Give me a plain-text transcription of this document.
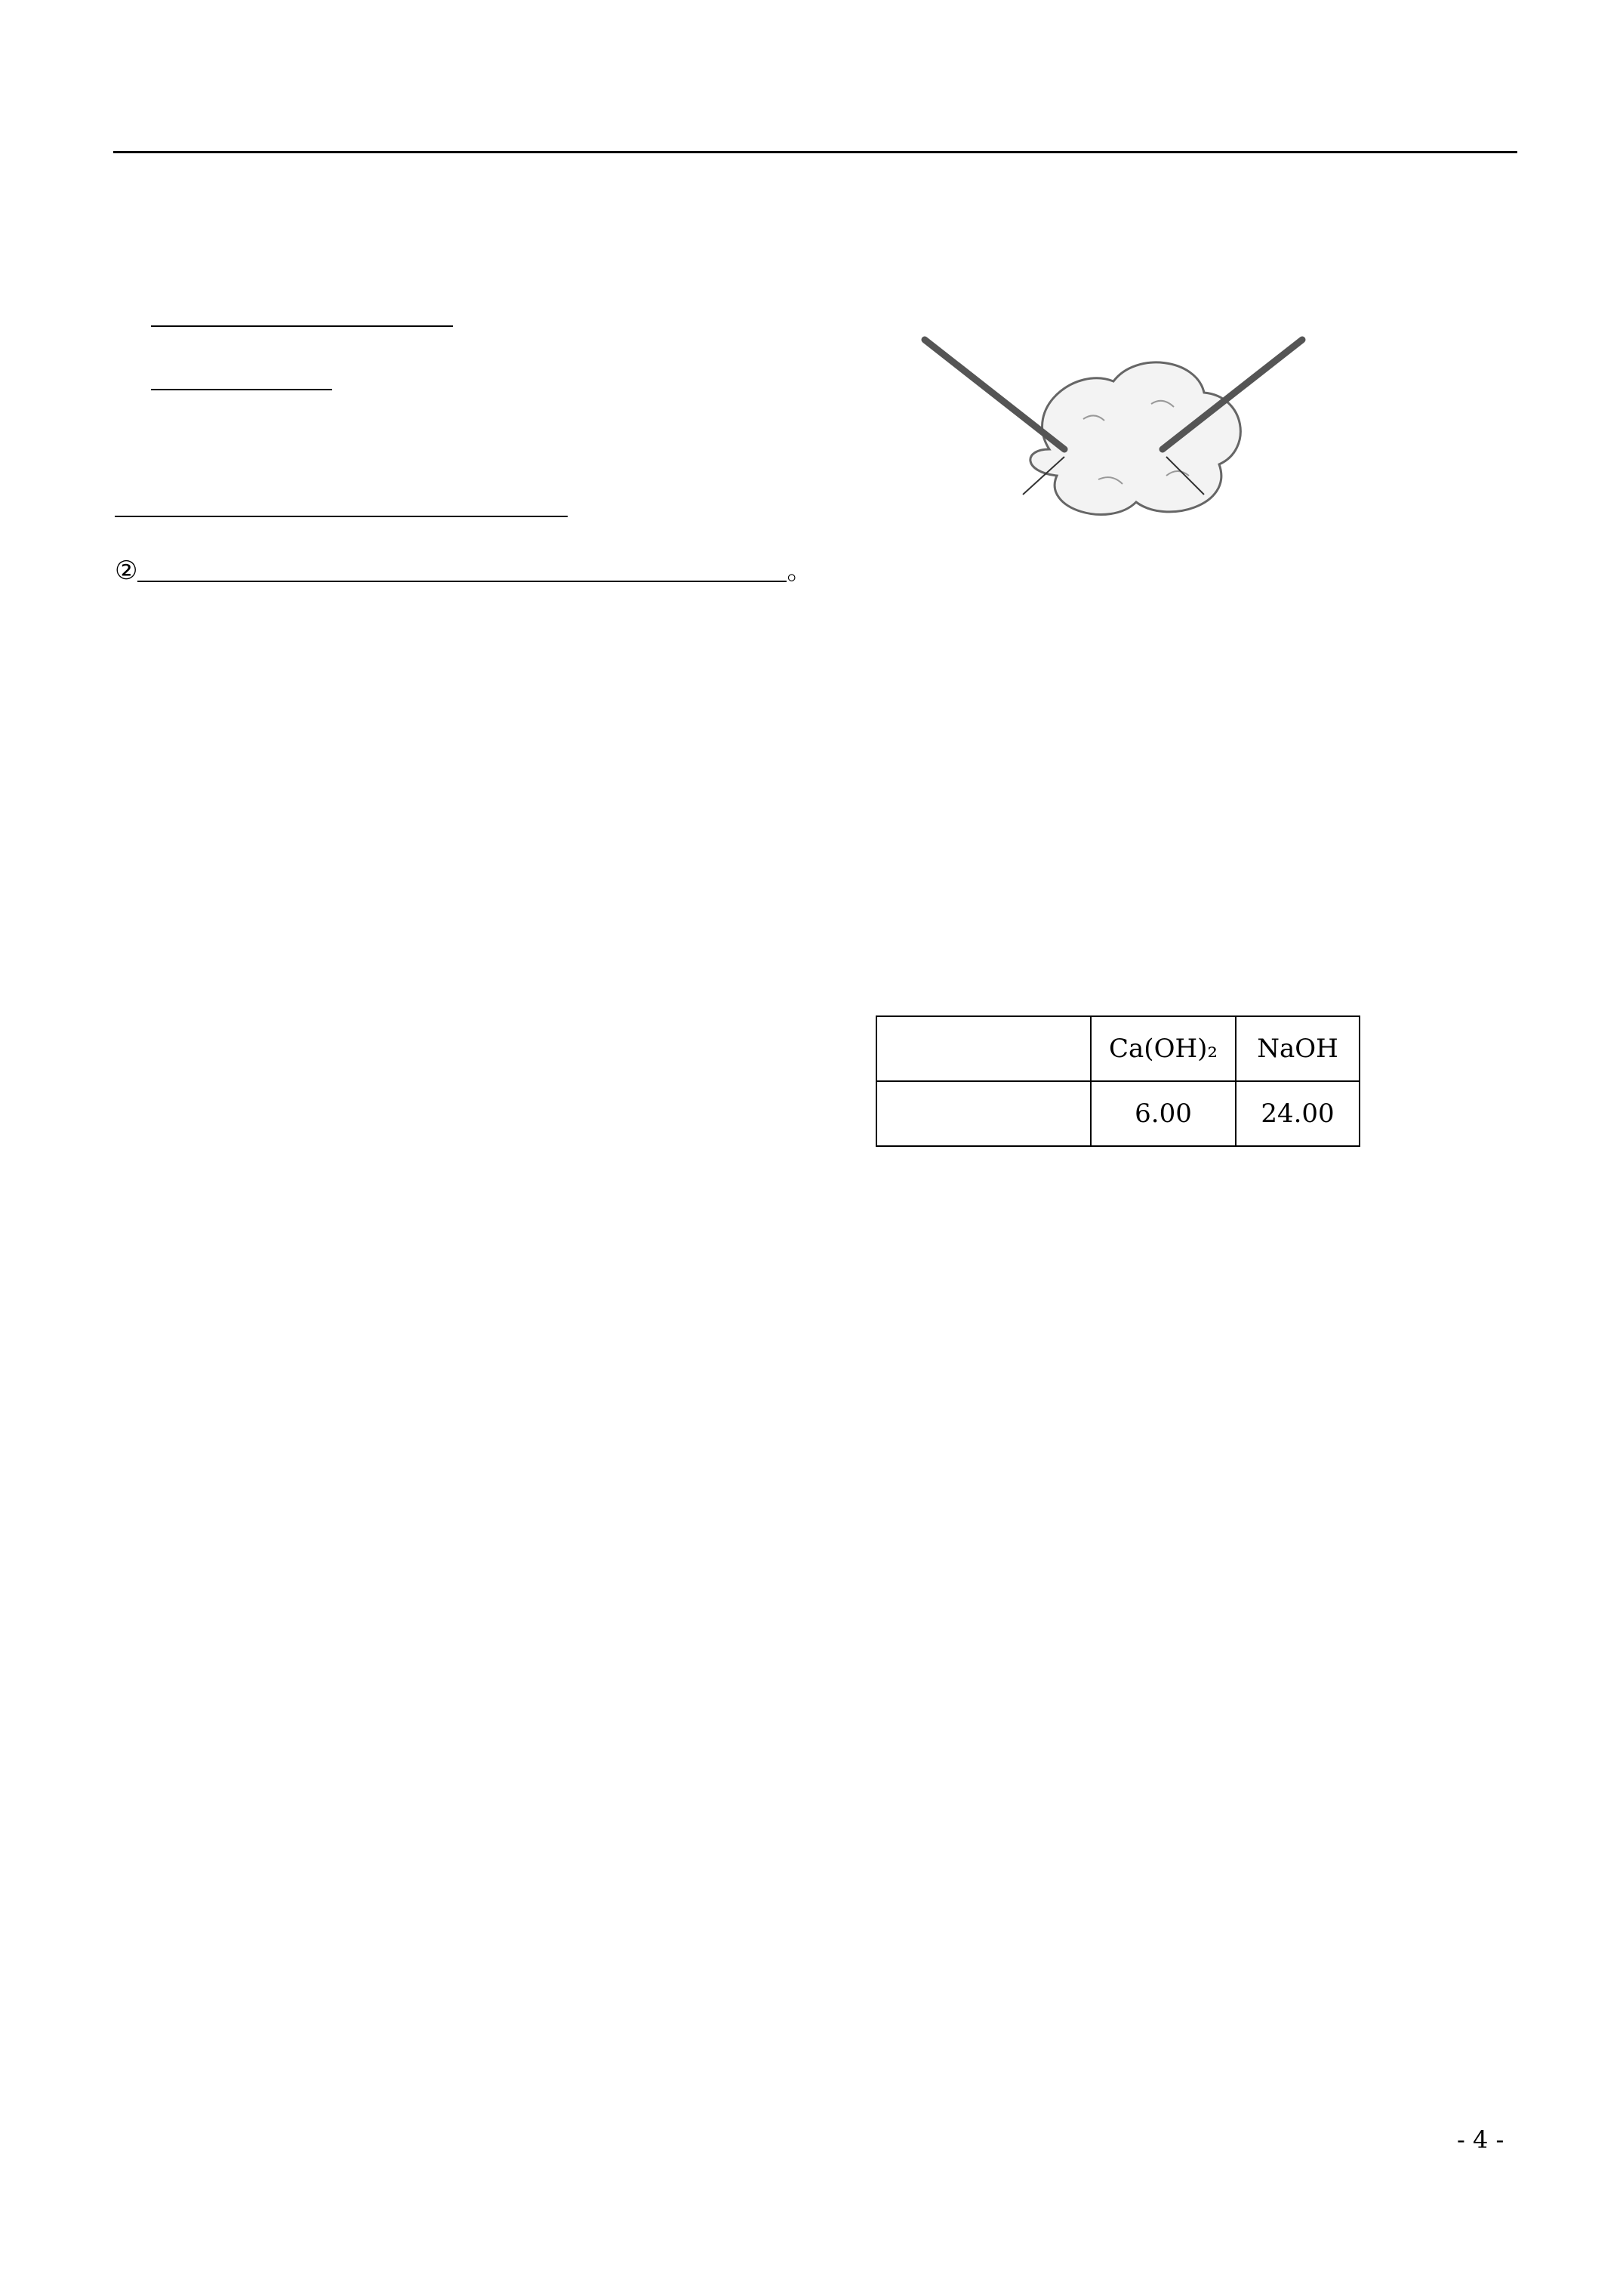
②	。
	Ca(OH)₂	NaOH
	6.00	24.00
- 4 -
